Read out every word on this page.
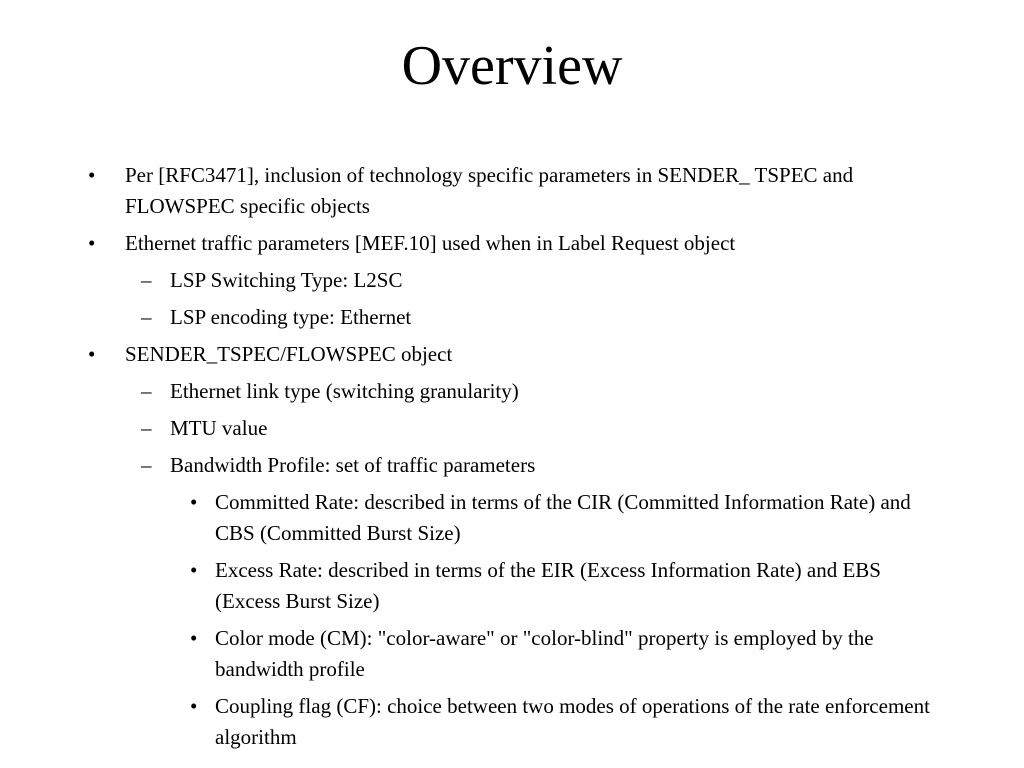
Overview
• Per [RFC3471], inclusion of technology specific parameters in SENDER_ TSPEC and FLOWSPEC specific objects
• Ethernet traffic parameters [MEF.10] used when in Label Request object
– LSP Switching Type: L2SC
– LSP encoding type: Ethernet
• SENDER_TSPEC/FLOWSPEC object
– Ethernet link type (switching granularity)
– MTU value
– Bandwidth Profile: set of traffic parameters
• Committed Rate: described in terms of the CIR (Committed Information Rate) and CBS (Committed Burst Size)
• Excess Rate: described in terms of the EIR (Excess Information Rate) and EBS (Excess Burst Size)
• Color mode (CM): "color-aware" or "color-blind" property is employed by the bandwidth profile
• Coupling flag (CF): choice between two modes of operations of the rate enforcement algorithm
